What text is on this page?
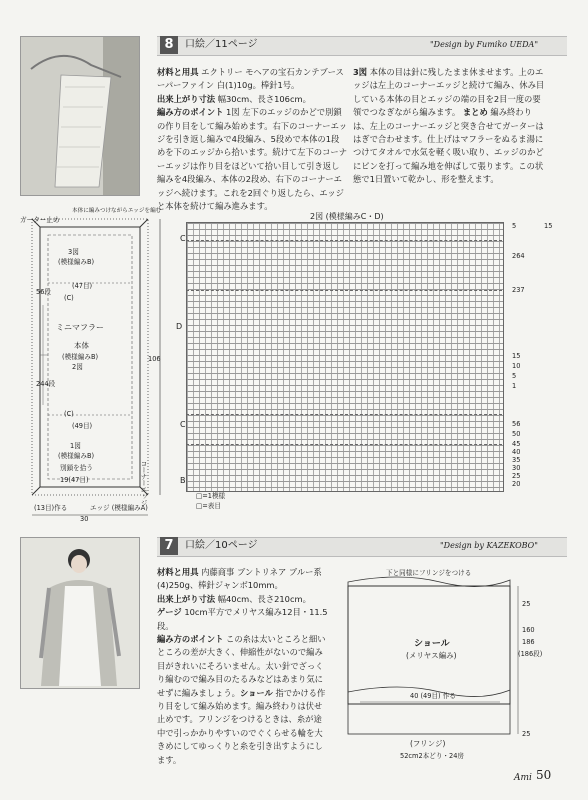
8	口絵／11ページ	"Design by Fumiko UEDA"

材料と用具 エクトリー モヘアの宝石カンテブースーパーファイン 白(1)10g。棒針1号。

出来上がり寸法 幅30cm、長さ106cm。

編み方のポイント 1図 左下のエッジのかどで別鎖の作り目をして編み始めます。右下のコーナーエッジを引き返し編みで4段編み、5段めで本体の1段めを下のエッジから拾います。続けて左下のコーナーエッジは作り目をほどいて拾い目して引き返し編みを4段編み、本体の2段め、右下のコーナーエッジへ続けます。これを2回ぐり返したら、エッジと本体を続けて編み進みます。

3図 本体の目は針に残したまま休ませます。上のエッジは左上のコーナーエッジと続けて編み、休み目している本体の目とエッジの端の目を2目一度の要領でつなぎながら編みます。 まとめ 編み終わりは、左上のコーナーエッジと突き合せてガーターははぎで合わせます。仕上げはマフラーをぬるま湯につけてタオルで水気を軽く吸い取り、エッジのかどにピンを打って編み地を伸ばして張ります。この状態で1日置いて乾かし、形を整えます。

ガーター止め
本体に編みつけながらエッジを編む
3図
(模様編みB)
(47目)
(C)
ミニマフラー
本体
(模様編みB)
2図
244段
56段
106
(C)
(49目)
1図
(模様編みB)
コーナーエッジ
別鎖を拾う
19(47目)
(13目)作る	エッジ (模様編みA)
30
2図 (模様編みC・D)
C
D
C
B
5
264
237
15
10
5
1
56
50
45
40
35
30
25
20
15
□=1模様
□=表目
7	口絵／10ページ	"Design by KAZEKOBO"

材料と用具 内藤商事 ブントリネア ブルー系(4)250g、棒針ジャンボ10mm。

出来上がり寸法 幅40cm、長さ210cm。

ゲージ 10cm平方でメリヤス編み12目・11.5段。

編み方のポイント この糸は太いところと細いところの差が大きく、伸縮性がないので編み目がきれいにそろいません。太い針でざっくり編むので編み目のたるみなどはあまり気にせずに編みましょう。ショール 指でかける作り目をして編み始めます。編み終わりは伏せ止めです。フリンジをつけるときは、糸が途中で引っかかりやすいのでぐくらせる輪を大きめにしてゆっくりと糸を引き出すようにします。

下と同様にフリンジをつける
ショール
(メリヤス編み)
160
186
(186段)
25
25
40 (49目) 作る
(フリンジ)
52cm2本どり・24房
Ami 50
